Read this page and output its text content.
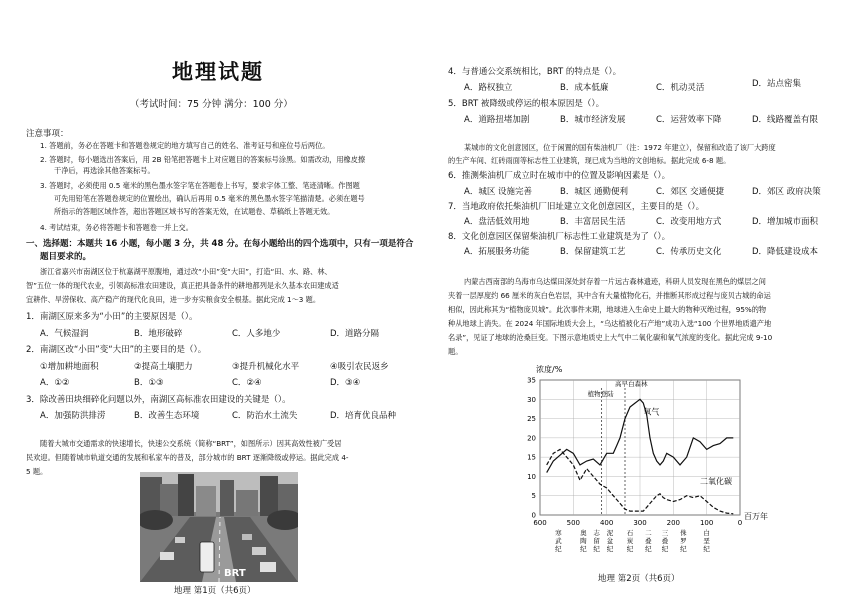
地理试题
（考试时间：75 分钟 满分：100 分）
注意事项：
1. 答题前，务必在答题卡和答题卷规定的地方填写自己的姓名、准考证号和座位号后两位。
2. 答题时，每小题选出答案后，用 2B 铅笔把答题卡上对应题目的答案标号涂黑。如需改动，用橡皮擦
干净后，再选涂其他答案标号。
3. 答题时，必须使用 0.5 毫米的黑色墨水签字笔在答题卷上书写，要求字体工整、笔迹清晰。作图题
可先用铅笔在答题卷规定的位置绘出，确认后再用 0.5 毫米的黑色墨水签字笔描清楚。必须在题号
所指示的答题区域作答，超出答题区域书写的答案无效，在试题卷、草稿纸上答题无效。
4. 考试结束，务必将答题卡和答题卷一并上交。
一、选择题：本题共 16 小题，每小题 3 分，共 48 分。在每小题给出的四个选项中，只有一项是符合
题目要求的。
浙江省嘉兴市南湖区位于杭嘉湖平原腹地，通过改“小田”变“大田”，打造“田、水、路、林、
智”五位一体的现代农业，引领高标准农田建设，真正把具备条件的耕地都列是永久基本农田建成适
宜耕作、旱涝保收、高产稳产的现代化良田，进一步夯实粮食安全根基。据此完成 1～3 题。
1．南湖区原来多为“小田”的主要原因是（）。
A．气候湿润	B．地形破碎	C．人多地少	D．道路分隔
2．南湖区改“小田”变“大田”的主要目的是（）。
①增加耕地面积	②提高土壤肥力	③提升机械化水平	④吸引农民返乡
A．①②	B．①③	C．②④	D．③④
3．除改善田块细碎化问题以外，南湖区高标准农田建设的关键是（）。
A．加强防洪排涝	B．改善生态环境	C．防治水土流失	D．培育优良品种
随着大城市交通需求的快速增长，快速公交系统（简称“BRT”，如图所示）因其高效性被广受居
民欢迎。但随着城市轨道交通的发展和私家车的普及，部分城市的 BRT 逐渐降级或停运。据此完成 4-
5 题。
BRT
地理 第1页（共6页）
4．与普通公交系统相比，BRT 的特点是（）。
A．路权独立	B．成本低廉	C．机动灵活	D．站点密集
5．BRT 被降级或停运的根本原因是（）。
A．道路扭堵加剧	B．城市经济发展	C．运营效率下降	D．线路覆盖有限
某城市的文化创意园区，位于闲置的国有柴油机厂（注：1972 年建立），保留和改造了该厂大跨度
的生产车间、红砖雨面等标志性工业建筑，现已成为当地的文创地标。据此完成 6-8 题。
6．推测柴油机厂成立时在城市中的位置及影响因素是（）。
A．城区 设施完善	B．城区 通勤便利	C．郊区 交通便捷	D．郊区 政府决策
7．当地政府依托柴油机厂旧址建立文化创意园区，主要目的是（）。
A．盘活低效用地	B．丰富居民生活	C．改变用地方式	D．增加城市面积
8．文化创意园区保留柴油机厂标志性工业建筑是为了（）。
A．拓展服务功能	B．保留建筑工艺	C．传承历史文化	D．降低建设成本
内蒙古西南部的乌海市乌达煤田深处封存着一片远古森林遗迹，科研人员发现在黑色的煤层之间
夹着一层厚度约 66 厘米的灰白色岩层，其中含有大量植物化石，并推断其形成过程与庞贝古城的命运
相似，因此称其为“植物庞贝城”。此次事件末期，地球进入生命史上最大的物种灭绝过程，95%的物
种从地球上消失。在 2024 年国际地质大会上，“乌达植被化石产地”成功入选“100 个世界地质遗产地
名录”，见证了地球的沧桑巨变。下图示意地质史上大气中二氧化碳和氧气浓度的变化。据此完成 9-10
题。
0
5
10
15
20
25
30
35
600	500	400	300	200	100	0
寒武纪
奥陶纪
志留纪
泥盆纪
石炭纪
二叠纪
三叠纪
侏罗纪
白垩纪
浓度/%
百万年
高早白森林
植物登陆
氧气
二氧化碳
地理 第2页（共6页）
